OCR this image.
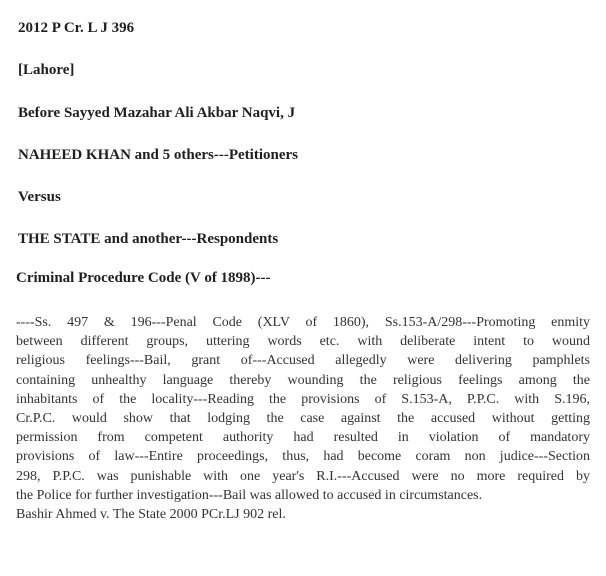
2012 P Cr. L J 396
[Lahore]
Before Sayyed Mazahar Ali Akbar Naqvi, J
NAHEED KHAN and 5 others---Petitioners
Versus
THE STATE and another---Respondents
Criminal Procedure Code (V of 1898)---
----Ss. 497 & 196---Penal Code (XLV of 1860), Ss.153-A/298---Promoting enmity
between different groups, uttering words etc. with deliberate intent to wound
religious feelings---Bail, grant of---Accused allegedly were delivering pamphlets
containing unhealthy language thereby wounding the religious feelings among the
inhabitants of the locality---Reading the provisions of S.153-A, P.P.C. with S.196,
Cr.P.C. would show that lodging the case against the accused without getting
permission from competent authority had resulted in violation of mandatory
provisions of law---Entire proceedings, thus, had become coram non judice---Section
298, P.P.C. was punishable with one year's R.I.---Accused were no more required by
the Police for further investigation---Bail was allowed to accused in circumstances.
Bashir Ahmed v. The State 2000 PCr.LJ 902 rel.
